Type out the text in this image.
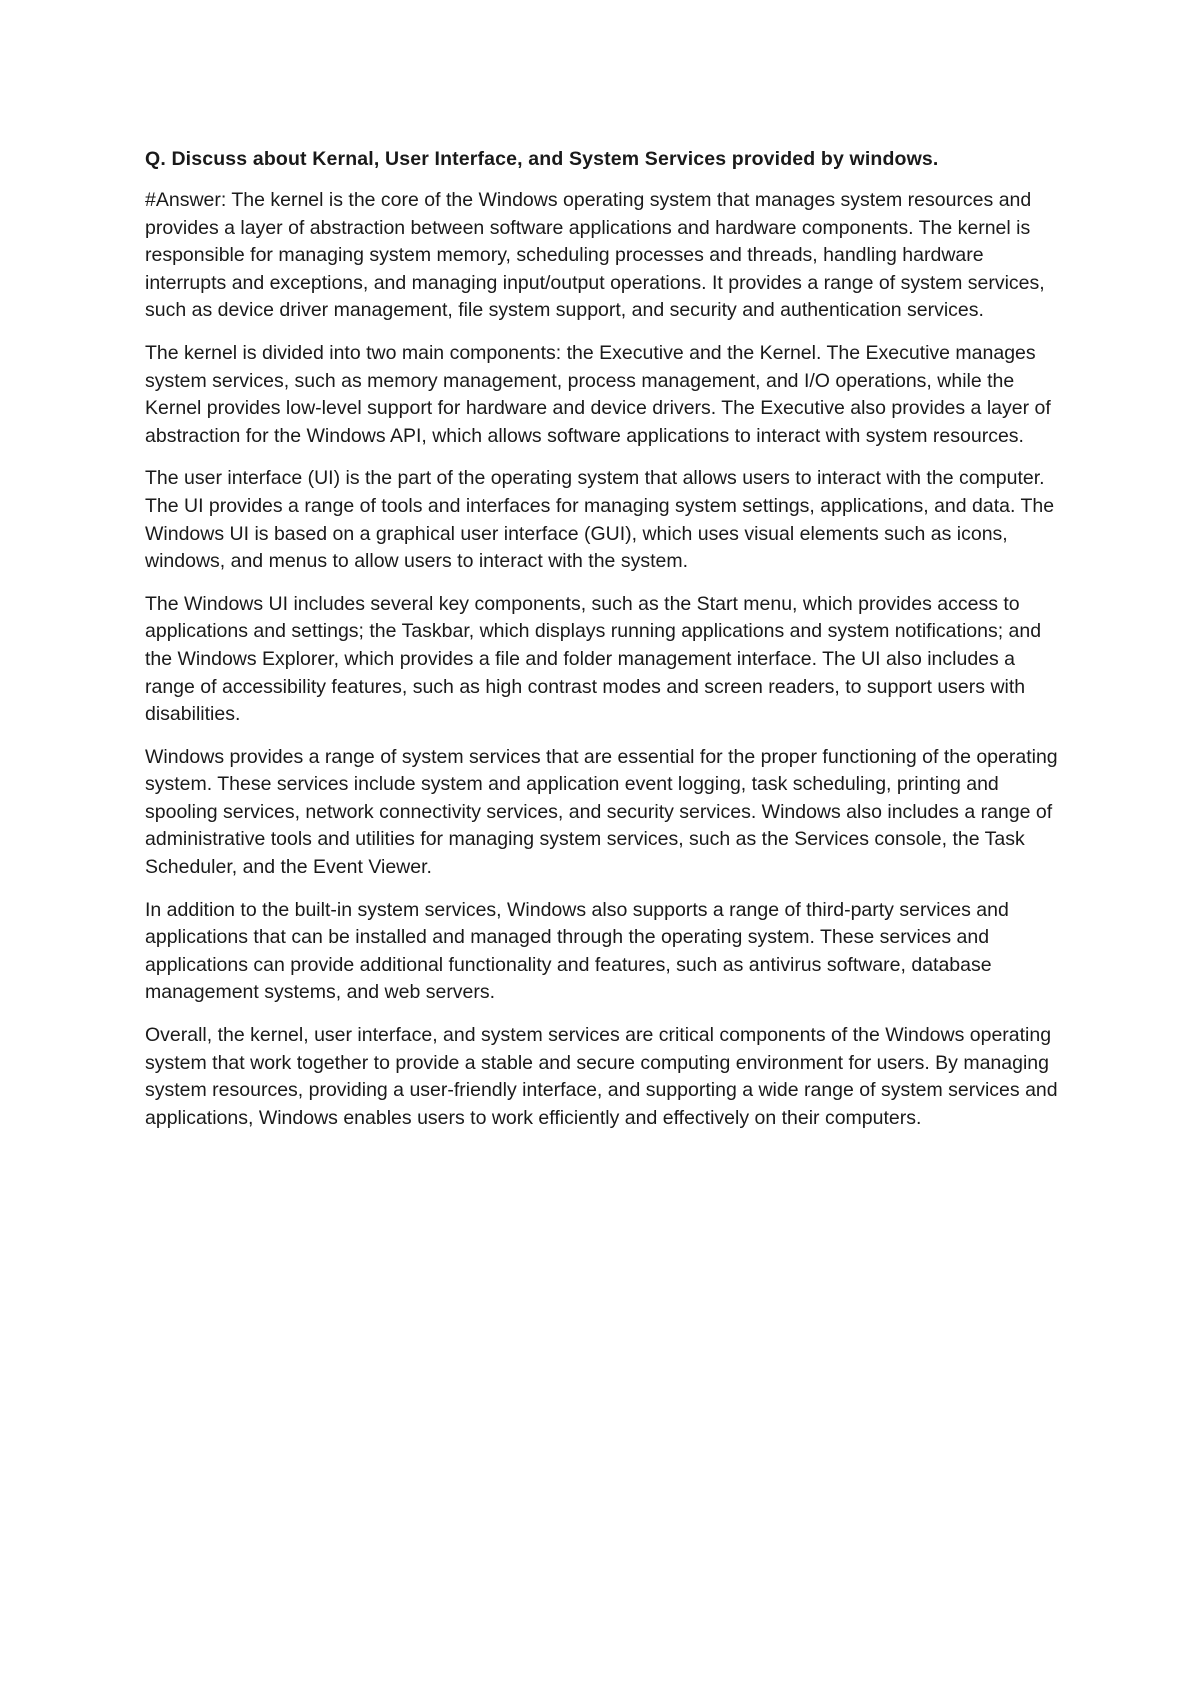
Q. Discuss about Kernal, User Interface, and System Services provided by windows.

#Answer: The kernel is the core of the Windows operating system that manages system resources and provides a layer of abstraction between software applications and hardware components. The kernel is responsible for managing system memory, scheduling processes and threads, handling hardware interrupts and exceptions, and managing input/output operations. It provides a range of system services, such as device driver management, file system support, and security and authentication services.

The kernel is divided into two main components: the Executive and the Kernel. The Executive manages system services, such as memory management, process management, and I/O operations, while the Kernel provides low-level support for hardware and device drivers. The Executive also provides a layer of abstraction for the Windows API, which allows software applications to interact with system resources.

The user interface (UI) is the part of the operating system that allows users to interact with the computer. The UI provides a range of tools and interfaces for managing system settings, applications, and data. The Windows UI is based on a graphical user interface (GUI), which uses visual elements such as icons, windows, and menus to allow users to interact with the system.

The Windows UI includes several key components, such as the Start menu, which provides access to applications and settings; the Taskbar, which displays running applications and system notifications; and the Windows Explorer, which provides a file and folder management interface. The UI also includes a range of accessibility features, such as high contrast modes and screen readers, to support users with disabilities.

Windows provides a range of system services that are essential for the proper functioning of the operating system. These services include system and application event logging, task scheduling, printing and spooling services, network connectivity services, and security services. Windows also includes a range of administrative tools and utilities for managing system services, such as the Services console, the Task Scheduler, and the Event Viewer.

In addition to the built-in system services, Windows also supports a range of third-party services and applications that can be installed and managed through the operating system. These services and applications can provide additional functionality and features, such as antivirus software, database management systems, and web servers.

Overall, the kernel, user interface, and system services are critical components of the Windows operating system that work together to provide a stable and secure computing environment for users. By managing system resources, providing a user-friendly interface, and supporting a wide range of system services and applications, Windows enables users to work efficiently and effectively on their computers.
